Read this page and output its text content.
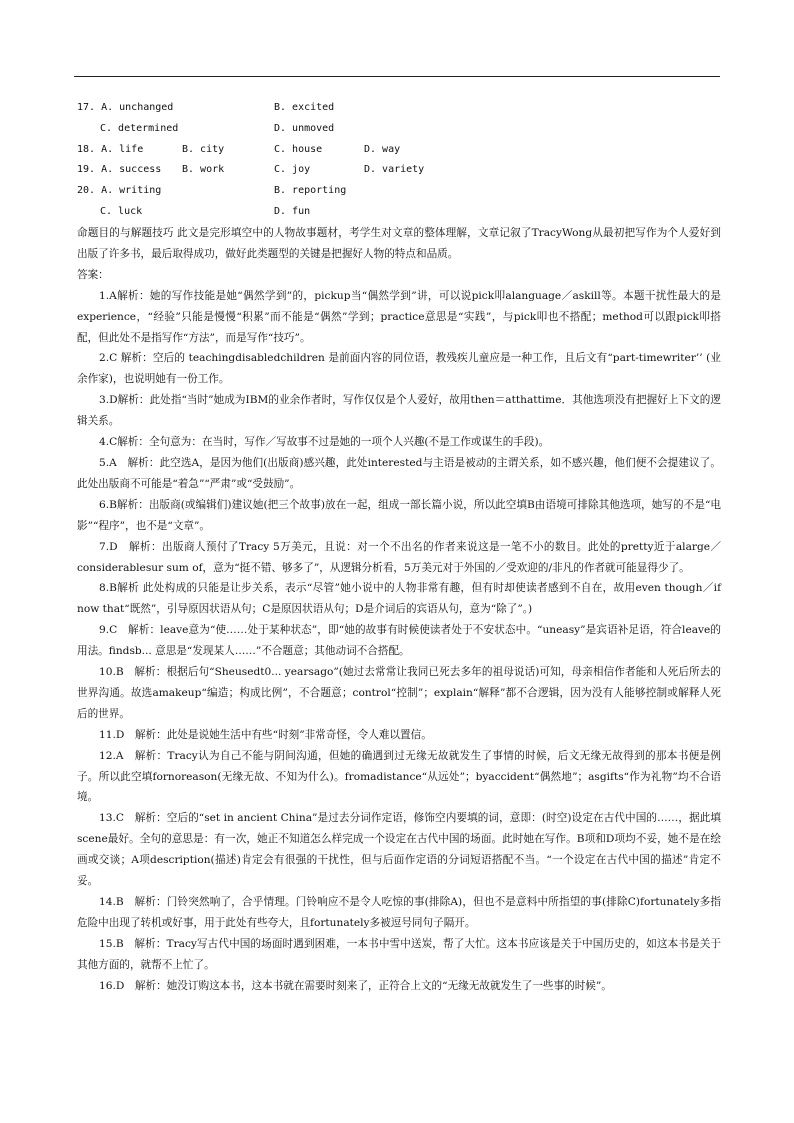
17. A. unchanged	B. excited
C. determined	D. unmoved
18. A. life	B. city	C. house	D. way
19. A. success B. work	C. joy	D. variety
20. A. writing	B. reporting
C. luck	D. fun

命题目的与解题技巧 此文是完形填空中的人物故事题材，考学生对文章的整体理解，文章记叙了TracyWong从最初把写作为个人爱好到出版了许多书，最后取得成功，做好此类题型的关键是把握好人物的特点和品质。

答案：

1.A解析：她的写作技能是她“偶然学到”的，pickup当“偶然学到”讲，可以说pick叩alanguage／askill等。本题干扰性最大的是experience，“经验”只能是慢慢“积累”而不能是“偶然”学到；practice意思是“实践”，与pick叩也不搭配；method可以跟pick叩搭配，但此处不是指写作“方法”，而是写作“技巧”。

2.C 解析：空后的 teachingdisabledchildren 是前面内容的同位语，教残疾儿童应是一种工作，且后文有“part-timewriter’’ (业余作家)，也说明她有一份工作。

3.D解析：此处指“当时”她成为IBM的业余作者时，写作仅仅是个人爱好，故用then＝atthattime．其他选项没有把握好上下文的逻辑关系。

4.C解析：全句意为：在当时，写作／写故事不过是她的一项个人兴趣(不是工作或谋生的手段)。

5.A　解析：此空选A，是因为他们(出版商)感兴趣，此处interested与主语是被动的主谓关系，如不感兴趣，他们便不会提建议了。此处出版商不可能是“着急”“严肃”或“受鼓励”。

6.B解析：出版商(或编辑们)建议她(把三个故事)放在一起，组成一部长篇小说，所以此空填B由语境可排除其他选项，她写的不是“电影”“程序”，也不是“文章”。

7.D　解析：出版商人预付了Tracy 5万美元，且说：对一个不出名的作者来说这是一笔不小的数目。此处的pretty近于alarge／considerablesur sum of，意为“挺不错、够多了”，从逻辑分析看，5万美元对于外国的／受欢迎的/非凡的作者就可能显得少了。

8.B解析 此处构成的只能是让步关系，表示“尽管”她小说中的人物非常有趣，但有时却使读者感到不自在，故用even though／if now that“既然”，引导原因状语从句；C是原因状语从句；D是介词后的宾语从句，意为“除了”。)

9.C　解析：leave意为“使……处于某种状态”，即“她的故事有时候使读者处于不安状态中。“uneasy”是宾语补足语，符合leave的用法。findsb... 意思是“发现某人……”不合题意；其他动词不合搭配。

10.B　解析：根据后句“Sheusedt0... yearsago”(她过去常常让我同已死去多年的祖母说话)可知，母亲相信作者能和人死后所去的世界沟通。故选amakeup“编造；构成比例”，不合题意；control“控制”；explain“解释”都不合逻辑，因为没有人能够控制或解释人死后的世界。

11.D　解析：此处是说她生活中有些“时刻”非常奇怪，令人难以置信。

12.A　解析：Tracy认为自己不能与阴间沟通，但她的确遇到过无缘无故就发生了事情的时候，后文无缘无故得到的那本书便是例子。所以此空填fornoreason(无缘无故、不知为什么)。fromadistance“从远处”；byaccident“偶然地”；asgifts“作为礼物”均不合语境。

13.C　解析：空后的“set in ancient China”是过去分词作定语，修饰空内要填的词，意即：(时空)设定在古代中国的……，据此填scene最好。全句的意思是：有一次，她正不知道怎么样完成一个设定在古代中国的场面。此时她在写作。B项和D项均不妥，她不是在绘画或交谈；A项description(描述)肯定会有很强的干扰性，但与后面作定语的分词短语搭配不当。“一个设定在古代中国的描述”肯定不妥。

14.B　解析：门铃突然响了，合乎情理。门铃响应不是令人吃惊的事(排除A)，但也不是意料中所指望的事(排除C)fortunately多指危险中出现了转机或好事，用于此处有些夸大，且fortunately多被逗号同句子隔开。

15.B　解析：Tracy写古代中国的场面时遇到困难，一本书中雪中送炭，帮了大忙。这本书应该是关于中国历史的，如这本书是关于其他方面的，就帮不上忙了。

16.D　解析：她没订购这本书，这本书就在需要时刻来了，正符合上文的“无缘无故就发生了一些事的时候”。
